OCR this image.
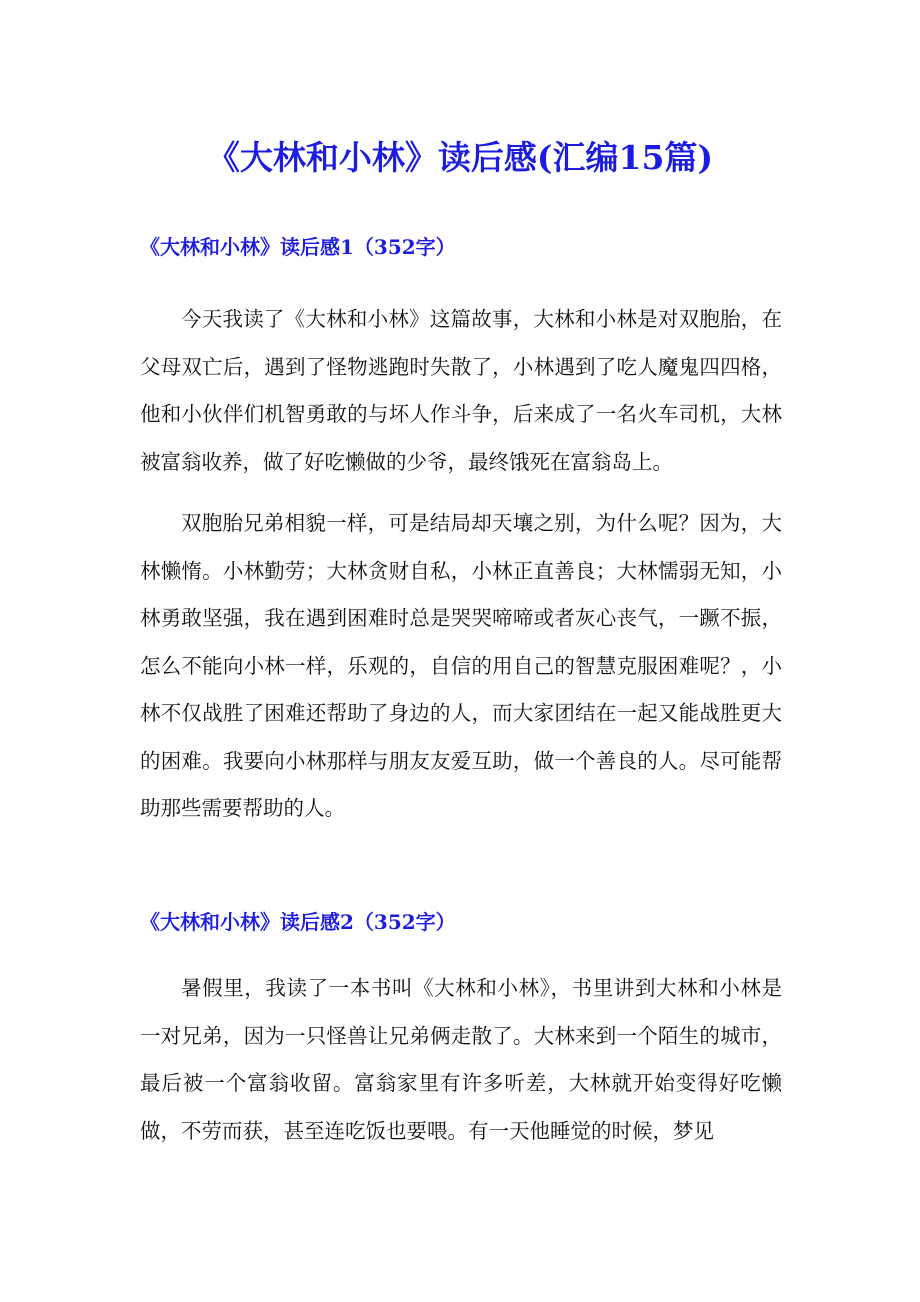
《大林和小林》读后感(汇编15篇)
《大林和小林》读后感1（352字）

今天我读了《大林和小林》这篇故事，大林和小林是对双胞胎，在父母双亡后，遇到了怪物逃跑时失散了，小林遇到了吃人魔鬼四四格，他和小伙伴们机智勇敢的与坏人作斗争，后来成了一名火车司机，大林被富翁收养，做了好吃懒做的少爷，最终饿死在富翁岛上。

双胞胎兄弟相貌一样，可是结局却天壤之别，为什么呢？因为，大林懒惰。小林勤劳；大林贪财自私，小林正直善良；大林懦弱无知，小林勇敢坚强，我在遇到困难时总是哭哭啼啼或者灰心丧气，一蹶不振，怎么不能向小林一样，乐观的，自信的用自己的智慧克服困难呢？，小林不仅战胜了困难还帮助了身边的人，而大家团结在一起又能战胜更大的困难。我要向小林那样与朋友友爱互助，做一个善良的人。尽可能帮助那些需要帮助的人。

《大林和小林》读后感2（352字）

暑假里，我读了一本书叫《大林和小林》，书里讲到大林和小林是一对兄弟，因为一只怪兽让兄弟俩走散了。大林来到一个陌生的城市，最后被一个富翁收留。富翁家里有许多听差，大林就开始变得好吃懒做，不劳而获，甚至连吃饭也要喂。有一天他睡觉的时候，梦见
